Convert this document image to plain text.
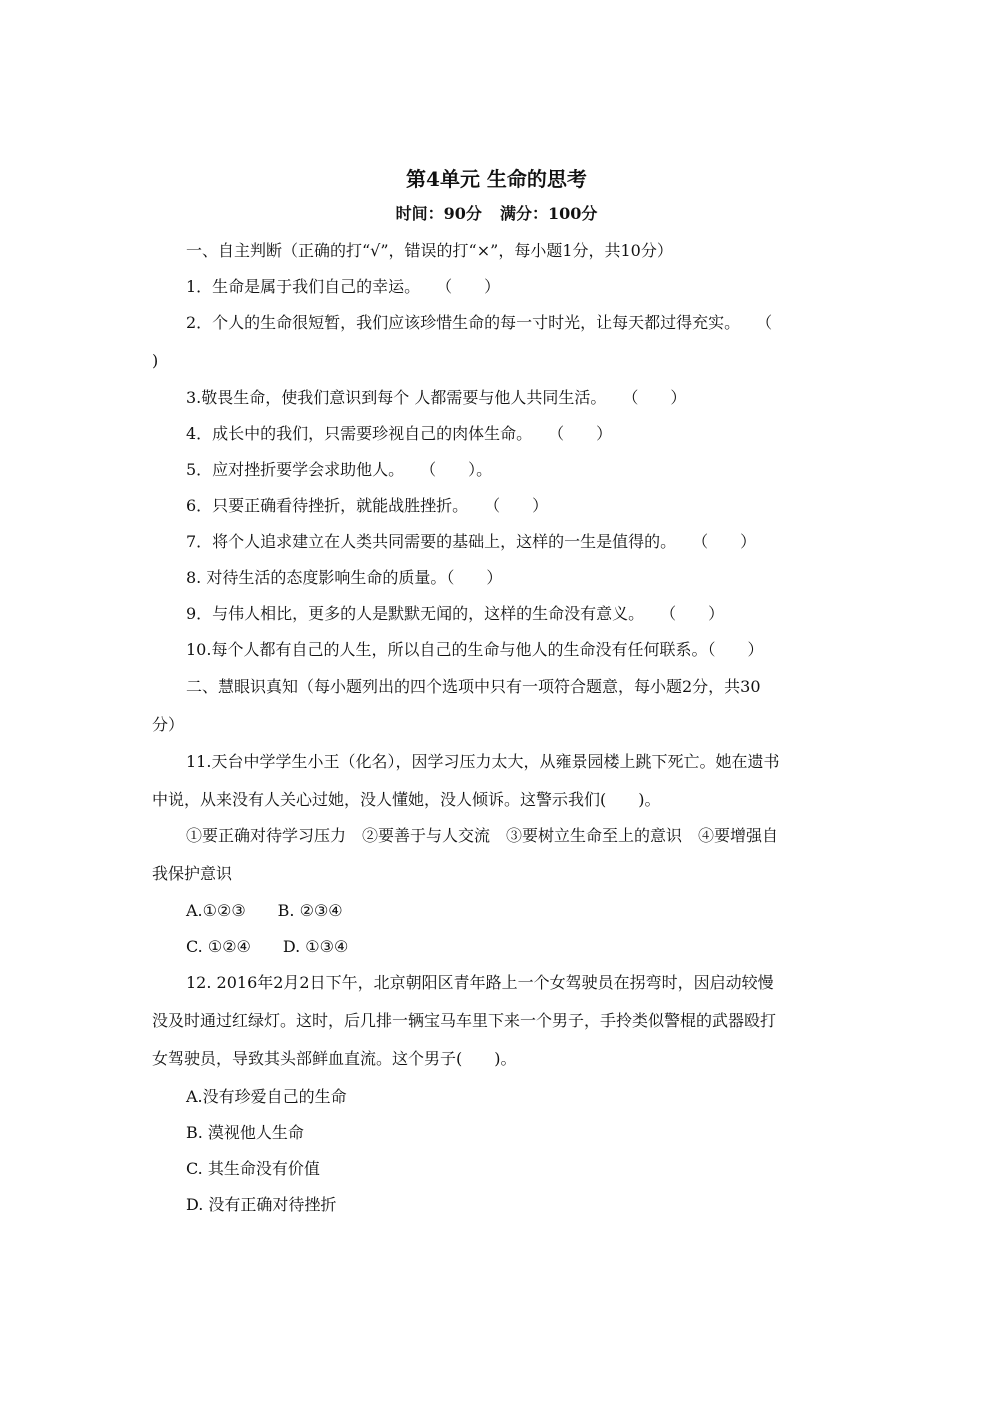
第4单元 生命的思考
时间：90分 满分：100分

一、自主判断（正确的打“√”，错误的打“×”，每小题1分，共10分）

1．生命是属于我们自己的幸运。　　（　　）

2．个人的生命很短暂，我们应该珍惜生命的每一寸时光，让每天都过得充实。　　（

)

3.敬畏生命，使我们意识到每个 人都需要与他人共同生活。　　（　　）

4．成长中的我们，只需要珍视自己的肉体生命。　　（　　）

5．应对挫折要学会求助他人。　　（　　）。

6．只要正确看待挫折，就能战胜挫折。　　（　　）

7．将个人追求建立在人类共同需要的基础上，这样的一生是值得的。　　（　　）

8. 对待生活的态度影响生命的质量。（　　）

9．与伟人相比，更多的人是默默无闻的，这样的生命没有意义。　　（　　）

10.每个人都有自己的人生，所以自己的生命与他人的生命没有任何联系。（　　）

二、慧眼识真知（每小题列出的四个选项中只有一项符合题意，每小题2分，共30

分）

11.天台中学学生小王（化名），因学习压力太大，从雍景园楼上跳下死亡。她在遗书

中说，从来没有人关心过她，没人懂她，没人倾诉。这警示我们(　　)。

①要正确对待学习压力　②要善于与人交流　③要树立生命至上的意识　④要增强自

我保护意识

A.①②③　　B. ②③④

C. ①②④　　D. ①③④

12. 2016年2月2日下午，北京朝阳区青年路上一个女驾驶员在拐弯时，因启动较慢

没及时通过红绿灯。这时，后几排一辆宝马车里下来一个男子，手拎类似警棍的武器殴打

女驾驶员，导致其头部鲜血直流。这个男子(　　)。

A.没有珍爱自己的生命

B. 漠视他人生命

C. 其生命没有价值

D. 没有正确对待挫折
